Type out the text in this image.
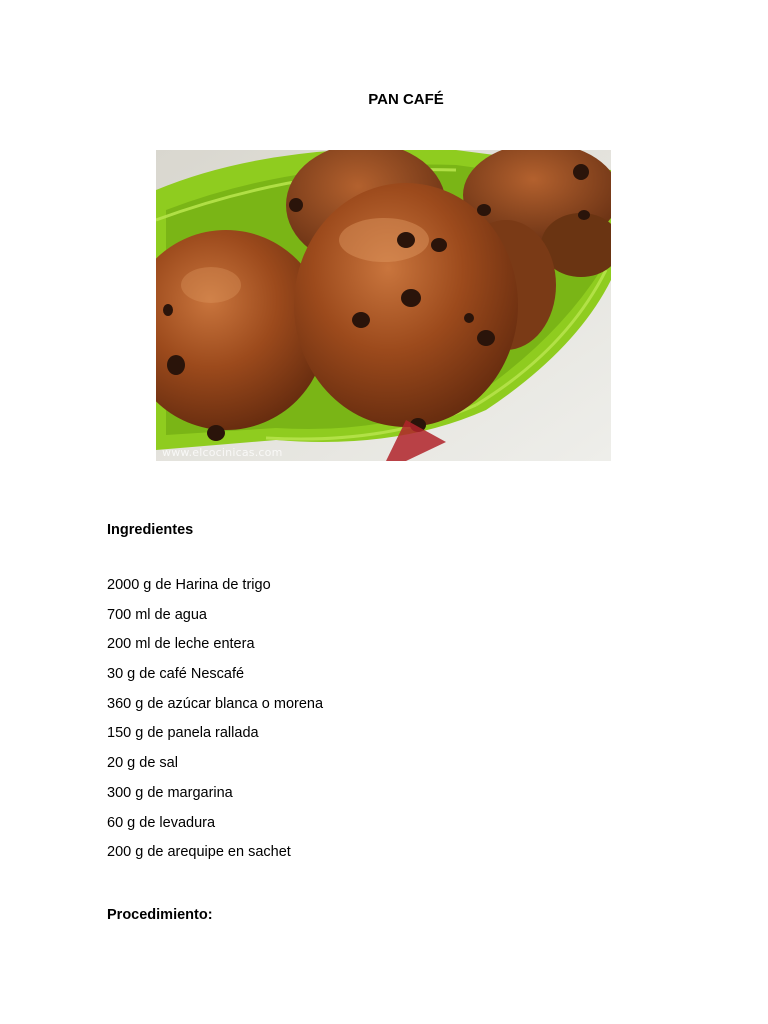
PAN CAFÉ
www.elcocinicas.com
Ingredientes
2000 g de Harina de trigo
700 ml de agua
200 ml de leche entera
30 g de café Nescafé
360 g de azúcar blanca o morena
150 g de panela rallada
20 g de sal
300 g de margarina
60 g de levadura
200 g de arequipe en sachet
Procedimiento:
